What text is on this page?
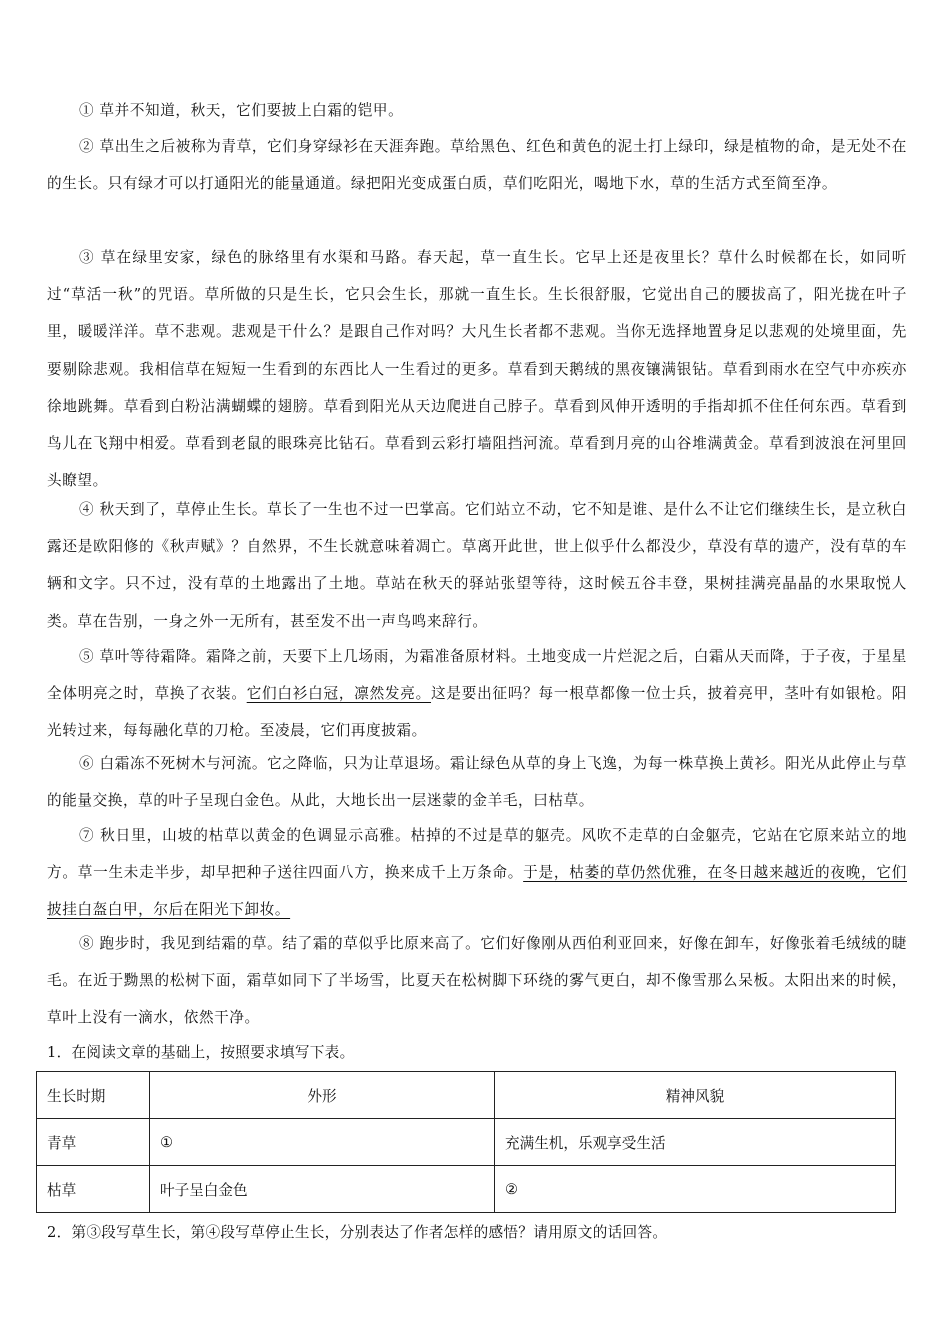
① 草并不知道，秋天，它们要披上白霜的铠甲。

② 草出生之后被称为青草，它们身穿绿衫在天涯奔跑。草给黑色、红色和黄色的泥土打上绿印，绿是植物的命，是无处不在的生长。只有绿才可以打通阳光的能量通道。绿把阳光变成蛋白质，草们吃阳光，喝地下水，草的生活方式至简至净。

③ 草在绿里安家，绿色的脉络里有水渠和马路。春天起，草一直生长。它早上还是夜里长？草什么时候都在长，如同听过“草活一秋”的咒语。草所做的只是生长，它只会生长，那就一直生长。生长很舒服，它觉出自己的腰拔高了，阳光拢在叶子里，暖暖洋洋。草不悲观。悲观是干什么？是跟自己作对吗？大凡生长者都不悲观。当你无选择地置身足以悲观的处境里面，先要剔除悲观。我相信草在短短一生看到的东西比人一生看过的更多。草看到天鹅绒的黑夜镶满银钻。草看到雨水在空气中亦疾亦徐地跳舞。草看到白粉沾满蝴蝶的翅膀。草看到阳光从天边爬进自己脖子。草看到风伸开透明的手指却抓不住任何东西。草看到鸟儿在飞翔中相爱。草看到老鼠的眼珠亮比钻石。草看到云彩打墙阻挡河流。草看到月亮的山谷堆满黄金。草看到波浪在河里回头瞭望。

④ 秋天到了，草停止生长。草长了一生也不过一巴掌高。它们站立不动，它不知是谁、是什么不让它们继续生长，是立秋白露还是欧阳修的《秋声赋》？自然界，不生长就意味着凋亡。草离开此世，世上似乎什么都没少，草没有草的遗产，没有草的车辆和文字。只不过，没有草的土地露出了土地。草站在秋天的驿站张望等待，这时候五谷丰登，果树挂满亮晶晶的水果取悦人类。草在告别，一身之外一无所有，甚至发不出一声鸟鸣来辞行。

⑤ 草叶等待霜降。霜降之前，天要下上几场雨，为霜准备原材料。土地变成一片烂泥之后，白霜从天而降，于子夜，于星星全体明亮之时，草换了衣装。它们白衫白冠，凛然发亮。这是要出征吗？每一根草都像一位士兵，披着亮甲，茎叶有如银枪。阳光转过来，每每融化草的刀枪。至凌晨，它们再度披霜。

⑥ 白霜冻不死树木与河流。它之降临，只为让草退场。霜让绿色从草的身上飞逸，为每一株草换上黄衫。阳光从此停止与草的能量交换，草的叶子呈现白金色。从此，大地长出一层迷蒙的金羊毛，曰枯草。

⑦ 秋日里，山坡的枯草以黄金的色调显示高雅。枯掉的不过是草的躯壳。风吹不走草的白金躯壳，它站在它原来站立的地方。草一生未走半步，却早把种子送往四面八方，换来成千上万条命。于是，枯萎的草仍然优雅，在冬日越来越近的夜晚，它们披挂白盔白甲，尔后在阳光下卸妆。

⑧ 跑步时，我见到结霜的草。结了霜的草似乎比原来高了。它们好像刚从西伯利亚回来，好像在卸车，好像张着毛绒绒的睫毛。在近于黝黑的松树下面，霜草如同下了半场雪，比夏天在松树脚下环绕的雾气更白，却不像雪那么呆板。太阳出来的时候，草叶上没有一滴水，依然干净。

1．在阅读文章的基础上，按照要求填写下表。

生长时期	外形	精神风貌
青草	①	充满生机，乐观享受生活
枯草	叶子呈白金色	②

2．第③段写草生长，第④段写草停止生长，分别表达了作者怎样的感悟？请用原文的话回答。
